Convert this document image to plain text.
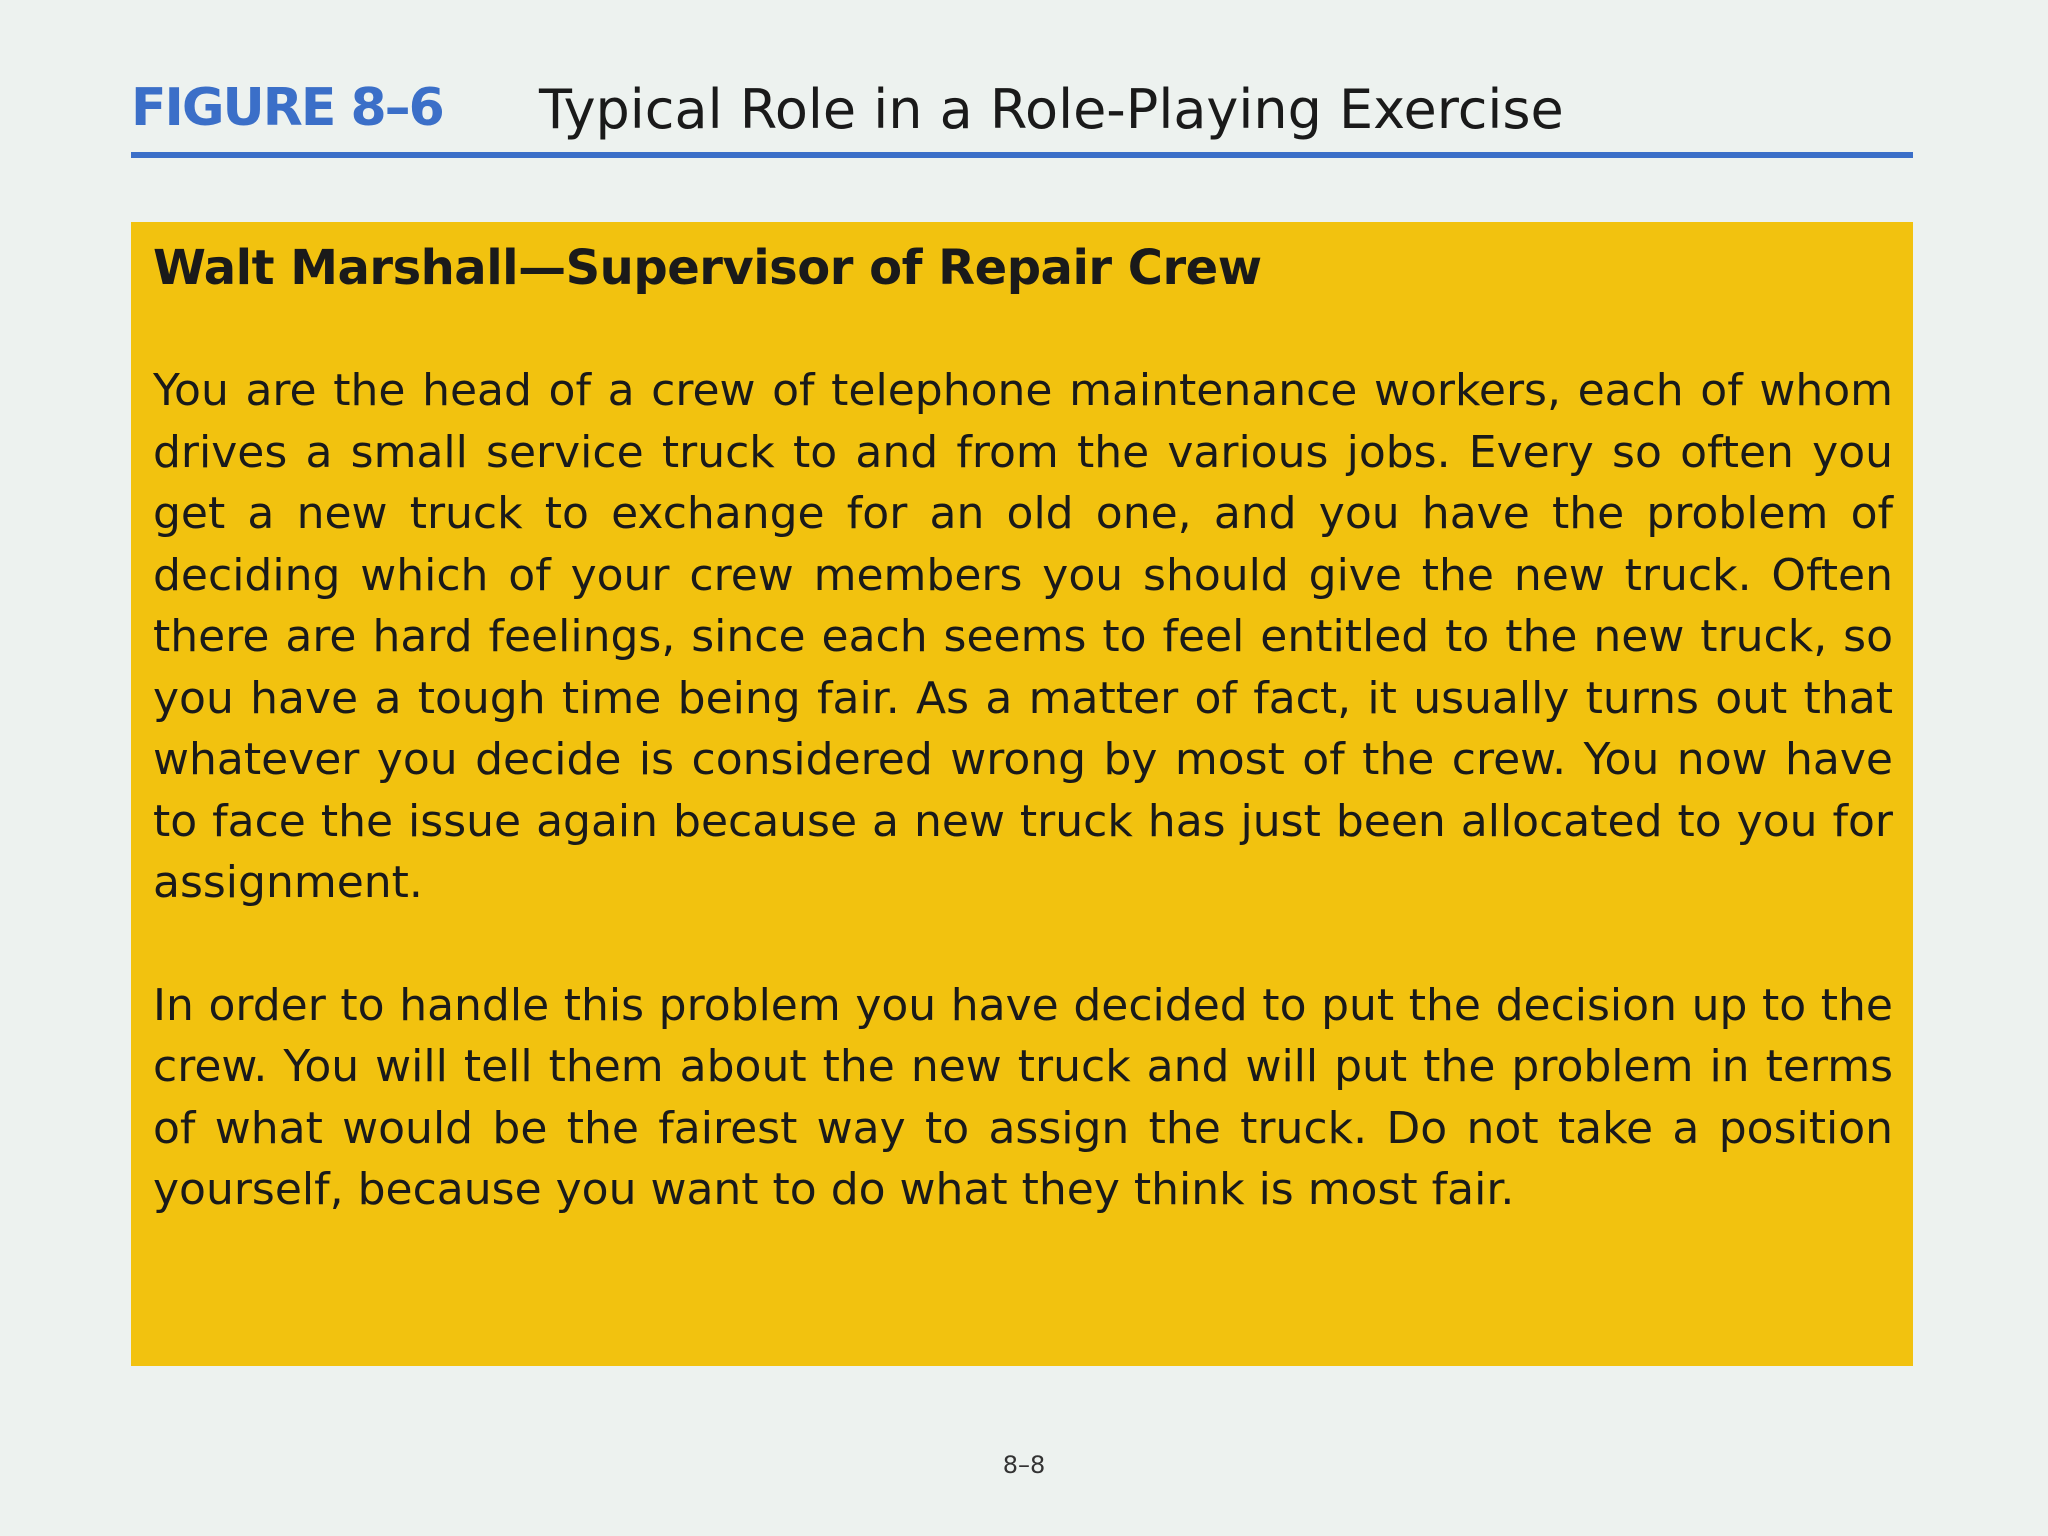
FIGURE 8–6 Typical Role in a Role-Playing Exercise
Walt Marshall—Supervisor of Repair Crew

You are the head of a crew of telephone maintenance workers, each of whom drives a small service truck to and from the various jobs. Every so often you get a new truck to exchange for an old one, and you have the problem of deciding which of your crew members you should give the new truck. Often there are hard feelings, since each seems to feel entitled to the new truck, so you have a tough time being fair. As a matter of fact, it usually turns out that whatever you decide is considered wrong by most of the crew. You now have to face the issue again because a new truck has just been allocated to you for assignment.

In order to handle this problem you have decided to put the decision up to the crew. You will tell them about the new truck and will put the problem in terms of what would be the fairest way to assign the truck. Do not take a position yourself, because you want to do what they think is most fair.

8–8
